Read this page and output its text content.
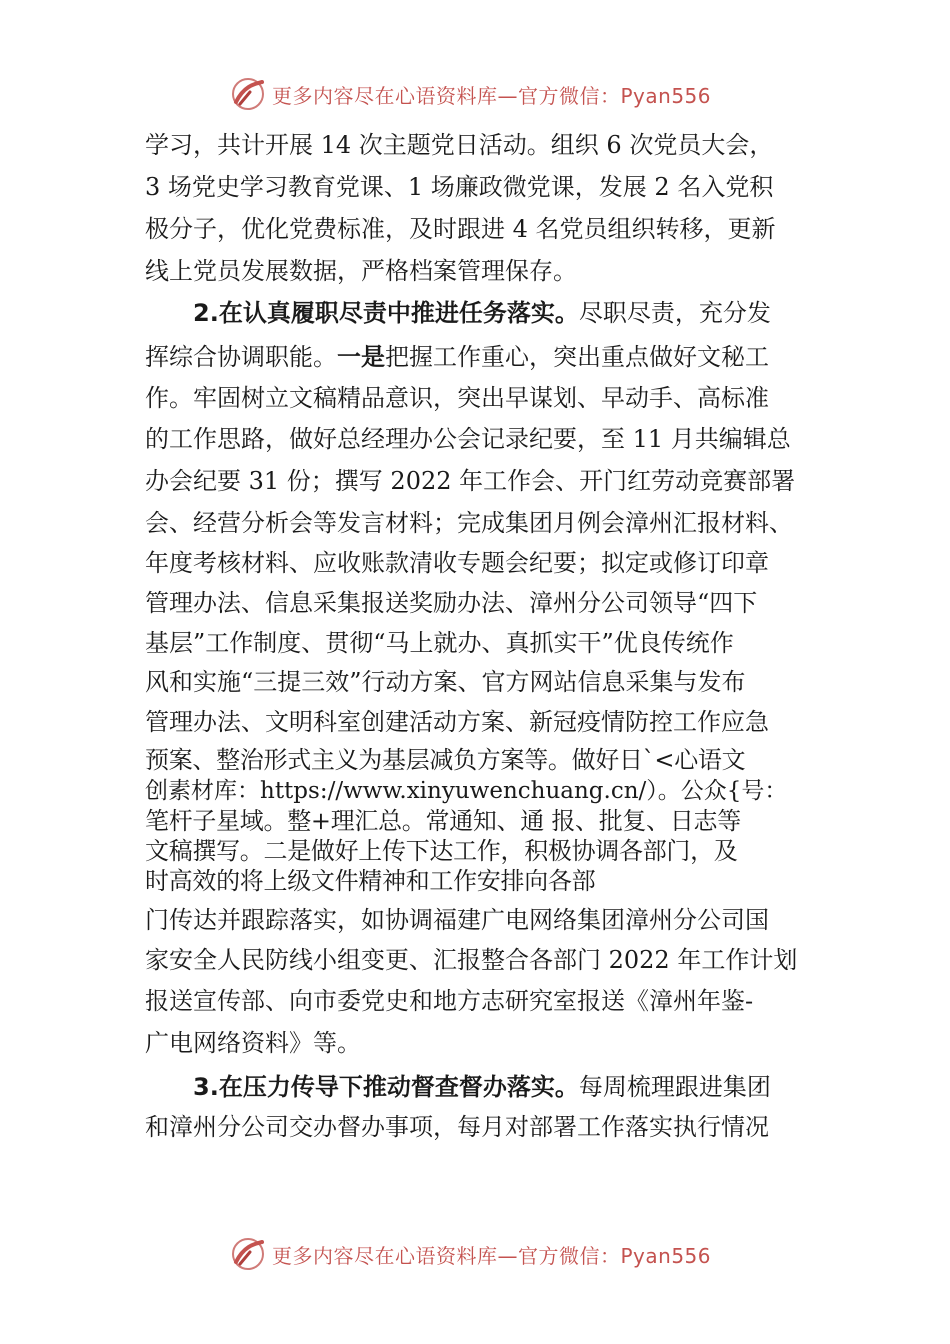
更多内容尽在心语资料库—官方微信：Pyan556
学习，共计开展 14 次主题党日活动。组织 6 次党员大会，
3 场党史学习教育党课、1 场廉政微党课，发展 2 名入党积
极分子，优化党费标准，及时跟进 4 名党员组织转移，更新
线上党员发展数据，严格档案管理保存。
2.在认真履职尽责中推进任务落实。尽职尽责，充分发
挥综合协调职能。一是把握工作重心，突出重点做好文秘工
作。牢固树立文稿精品意识，突出早谋划、早动手、高标准
的工作思路，做好总经理办公会记录纪要，至 11 月共编辑总
办会纪要 31 份；撰写 2022 年工作会、开门红劳动竞赛部署
会、经营分析会等发言材料；完成集团月例会漳州汇报材料、
年度考核材料、应收账款清收专题会纪要；拟定或修订印章
管理办法、信息采集报送奖励办法、漳州分公司领导“四下
基层”工作制度、贯彻“马上就办、真抓实干”优良传统作
风和实施“三提三效”行动方案、官方网站信息采集与发布
管理办法、文明科室创建活动方案、新冠疫情防控工作应急
预案、整治形式主义为基层减负方案等。做好日`<心语文
创素材库：https://www.xinyuwenchuang.cn/）。公众{号：
笔杆子星域。整+理汇总。常通知、通 报、批复、日志等
文稿撰写。二是做好上传下达工作，积极协调各部门，及
时高效的将上级文件精神和工作安排向各部
门传达并跟踪落实，如协调福建广电网络集团漳州分公司国
家安全人民防线小组变更、汇报整合各部门 2022 年工作计划
报送宣传部、向市委党史和地方志研究室报送《漳州年鉴-
广电网络资料》等。
3.在压力传导下推动督查督办落实。每周梳理跟进集团
和漳州分公司交办督办事项，每月对部署工作落实执行情况
更多内容尽在心语资料库—官方微信：Pyan556
